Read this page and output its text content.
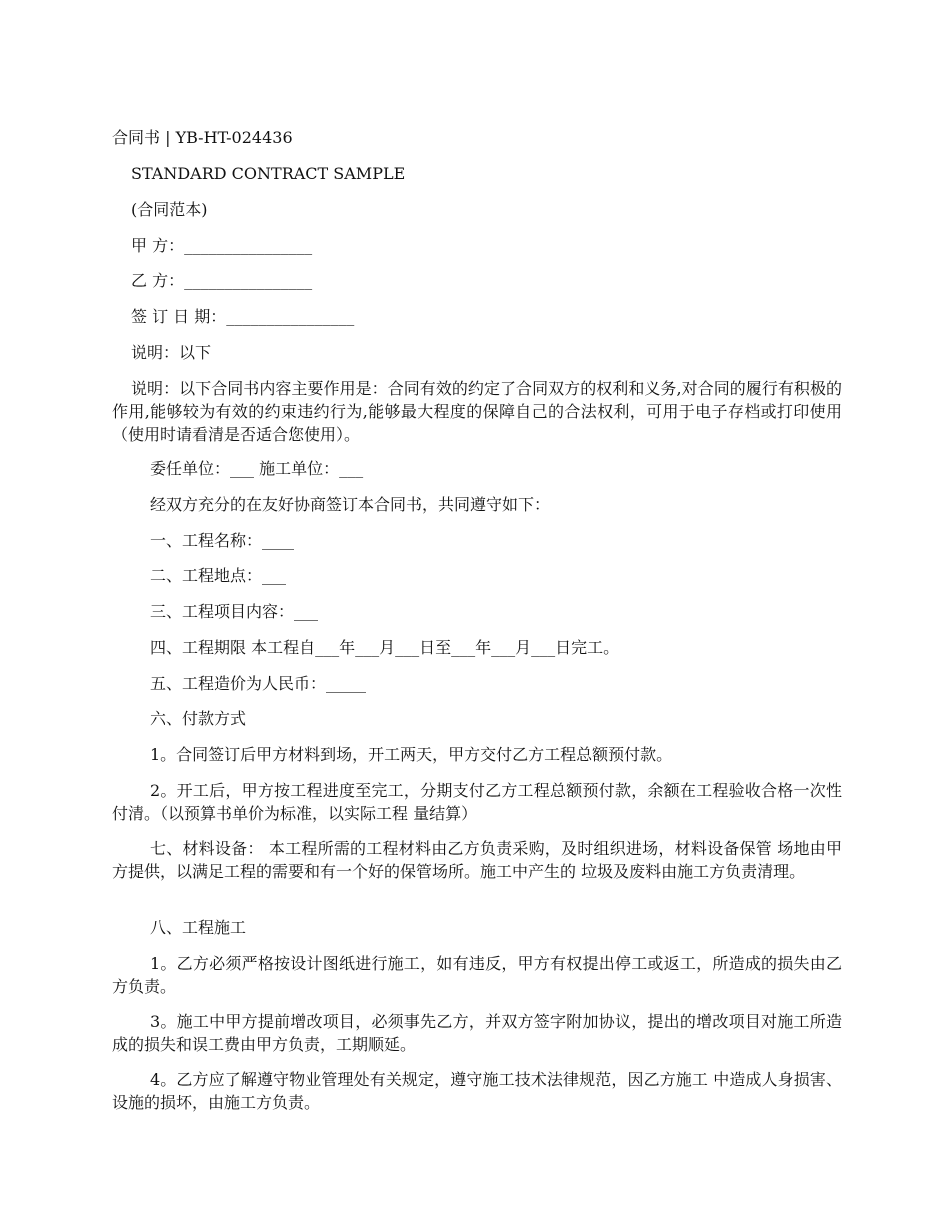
合同书 | YB-HT-024436
STANDARD CONTRACT SAMPLE
(合同范本)
甲 方：________________
乙 方：________________
签 订 日 期：________________
说明：以下
说明：以下合同书内容主要作用是：合同有效的约定了合同双方的权利和义务,对合同的履行有积极的作用,能够较为有效的约束违约行为,能够最大程度的保障自己的合法权利，可用于电子存档或打印使用（使用时请看清是否适合您使用）。
委任单位：___ 施工单位：___
经双方充分的在友好协商签订本合同书，共同遵守如下：
一、工程名称：____
二、工程地点：___
三、工程项目内容：___
四、工程期限 本工程自___年___月___日至___年___月___日完工。
五、工程造价为人民币：_____
六、付款方式
1。合同签订后甲方材料到场，开工两天，甲方交付乙方工程总额预付款。
2。开工后，甲方按工程进度至完工，分期支付乙方工程总额预付款，余额在工程验收合格一次性付清。（以预算书单价为标准，以实际工程 量结算）
七、材料设备： 本工程所需的工程材料由乙方负责采购，及时组织进场，材料设备保管 场地由甲方提供，以满足工程的需要和有一个好的保管场所。施工中产生的 垃圾及废料由施工方负责清理。
八、工程施工
1。乙方必须严格按设计图纸进行施工，如有违反，甲方有权提出停工或返工，所造成的损失由乙方负责。
3。施工中甲方提前增改项目，必须事先乙方，并双方签字附加协议，提出的增改项目对施工所造成的损失和误工费由甲方负责，工期顺延。
4。乙方应了解遵守物业管理处有关规定，遵守施工技术法律规范，因乙方施工 中造成人身损害、设施的损坏，由施工方负责。
